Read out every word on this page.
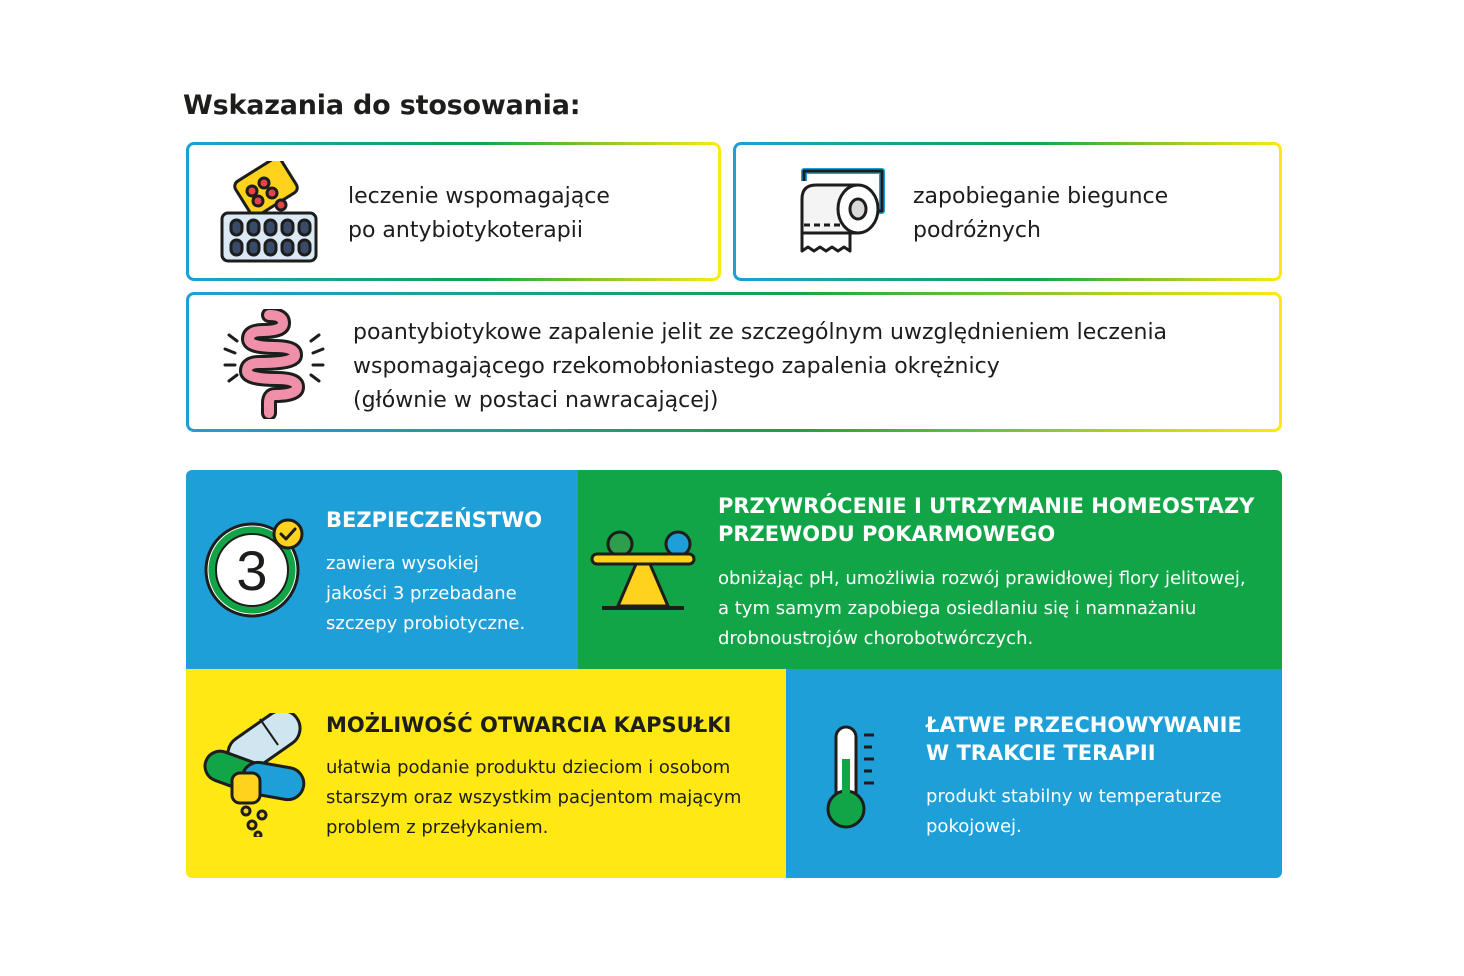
Wskazania do stosowania:
leczenie wspomagające
po antybiotykoterapii
zapobieganie biegunce
podróżnych
poantybiotykowe zapalenie jelit ze szczególnym uwzględnieniem leczenia
wspomagającego rzekomobłoniastego zapalenia okrężnicy
(głównie w postaci nawracającej)
3
BEZPIECZEŃSTWO
zawiera wysokiej
jakości 3 przebadane
szczepy probiotyczne.
PRZYWRÓCENIE I UTRZYMANIE HOMEOSTAZY
PRZEWODU POKARMOWEGO
obniżając pH, umożliwia rozwój prawidłowej flory jelitowej,
a tym samym zapobiega osiedlaniu się i namnażaniu
drobnoustrojów chorobotwórczych.
MOŻLIWOŚĆ OTWARCIA KAPSUŁKI
ułatwia podanie produktu dzieciom i osobom
starszym oraz wszystkim pacjentom mającym
problem z przełykaniem.
ŁATWE PRZECHOWYWANIE
W TRAKCIE TERAPII
produkt stabilny w temperaturze
pokojowej.
